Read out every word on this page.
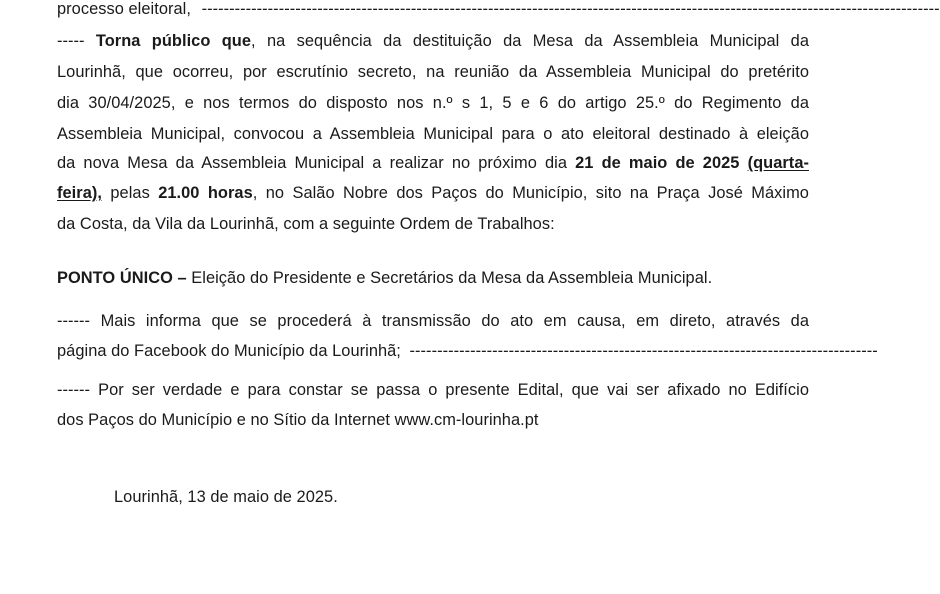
processo eleitoral, --------------------------------------------------------------------------------------------------------------------------------------
----- Torna público que, na sequência da destituição da Mesa da Assembleia Municipal da
Lourinhã, que ocorreu, por escrutínio secreto, na reunião da Assembleia Municipal do pretérito
dia 30/04/2025, e nos termos do disposto nos n.º s 1, 5 e 6 do artigo 25.º do Regimento da
Assembleia Municipal, convocou a Assembleia Municipal para o ato eleitoral destinado à eleição
da nova Mesa da Assembleia Municipal a realizar no próximo dia 21 de maio de 2025 (quarta-
feira), pelas 21.00 horas, no Salão Nobre dos Paços do Município, sito na Praça José Máximo
da Costa, da Vila da Lourinhã, com a seguinte Ordem de Trabalhos:
PONTO ÚNICO – Eleição do Presidente e Secretários da Mesa da Assembleia Municipal.
------ Mais informa que se procederá à transmissão do ato em causa, em direto, através da
página do Facebook do Município da Lourinhã; -------------------------------------------------------------------------------------
------ Por ser verdade e para constar se passa o presente Edital, que vai ser afixado no Edifício
dos Paços do Município e no Sítio da Internet www.cm-lourinha.pt
Lourinhã, 13 de maio de 2025.
